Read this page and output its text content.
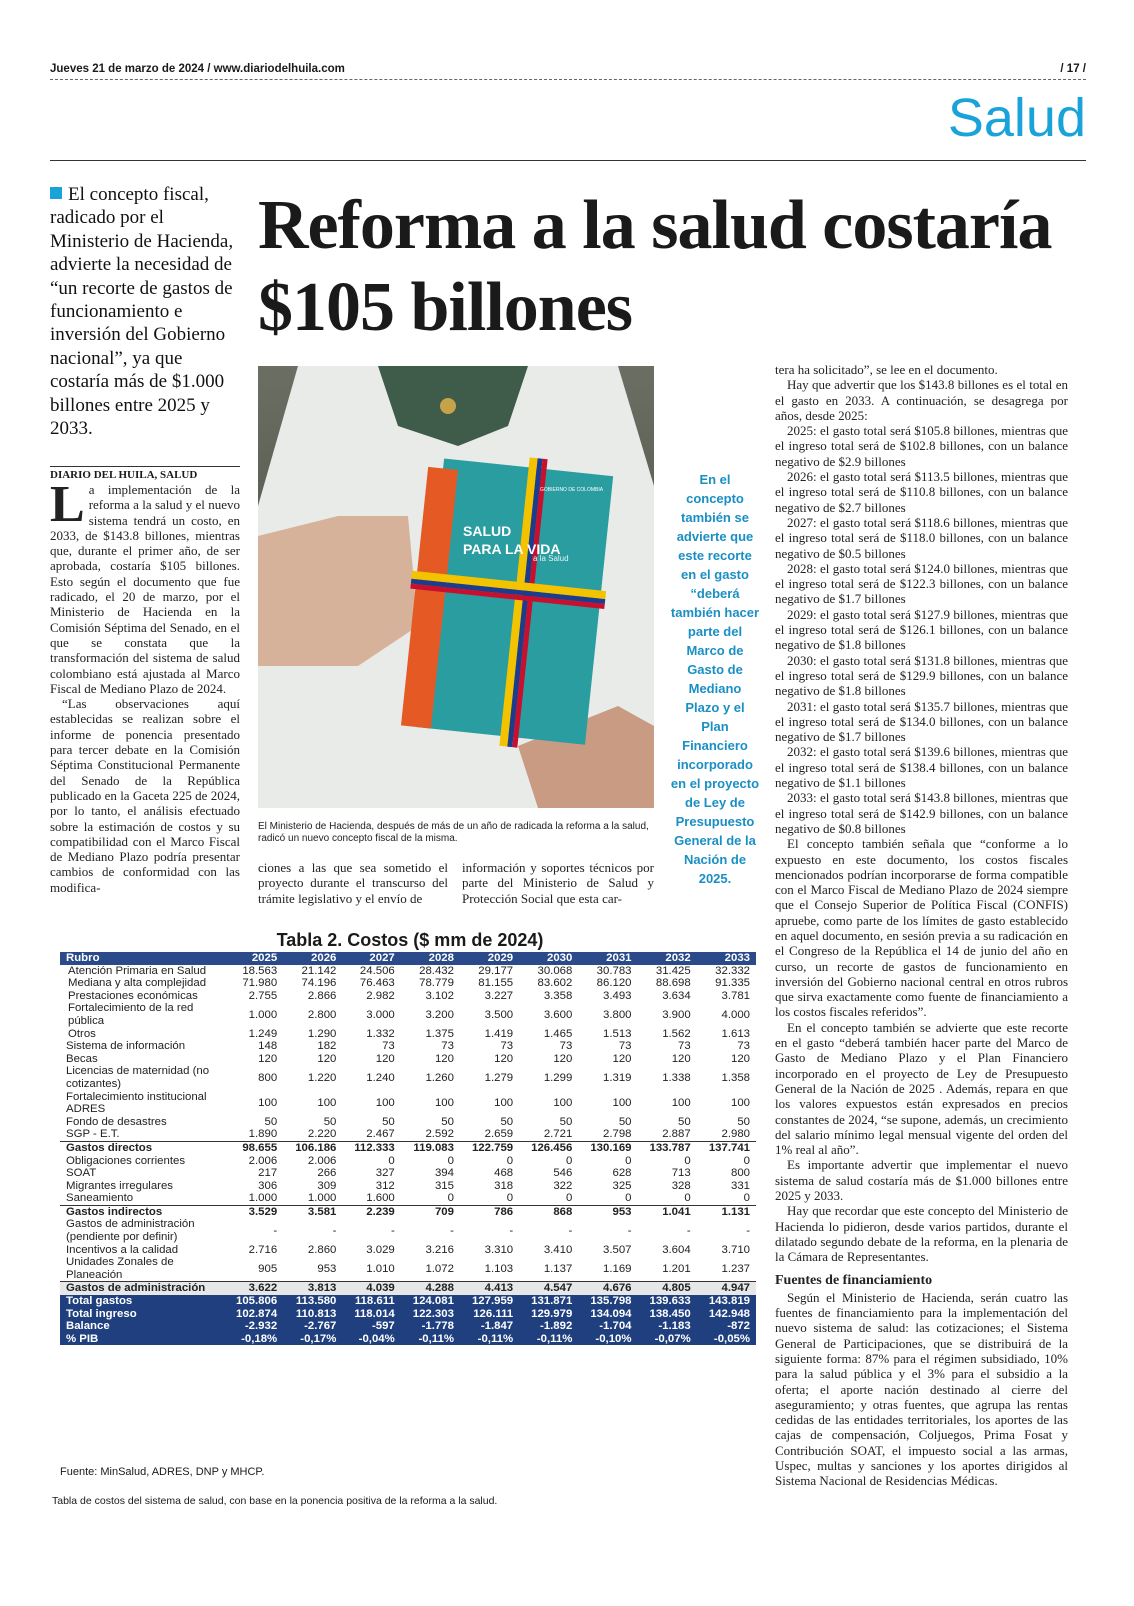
Jueves 21 de marzo de 2024 / www.diariodelhuila.com	/ 17 /
Salud
El concepto fiscal, radicado por el Ministerio de Hacienda, advierte la necesidad de “un recorte de gastos de funcionamiento e inversión del Gobierno nacional”, ya que costaría más de $1.000 billones entre 2025 y 2033.
Reforma a la salud costaría $105 billones
DIARIO DEL HUILA, SALUD
L a implementación de la reforma a la salud y el nuevo sistema tendrá un costo, en 2033, de $143.8 billones, mientras que, durante el primer año, de ser aprobada, costaría $105 billones. Esto según el documento que fue radicado, el 20 de marzo, por el Ministerio de Hacienda en la Comisión Séptima del Senado, en el que se constata que la transformación del sistema de salud colombiano está ajustada al Marco Fiscal de Mediano Plazo de 2024.

“Las observaciones aquí establecidas se realizan sobre el informe de ponencia presentado para tercer debate en la Comisión Séptima Constitucional Permanente del Senado de la República publicado en la Gaceta 225 de 2024, por lo tanto, el análisis efectuado sobre la estimación de costos y su compatibilidad con el Marco Fiscal de Mediano Plazo podría presentar cambios de conformidad con las modifica-

SALUD
PARA LA VIDA
a la Salud
GOBIERNO DE COLOMBIA
El Ministerio de Hacienda, después de más de un año de radicada la reforma a la salud, radicó un nuevo concepto fiscal de la misma.
En el concepto también se advierte que este recorte en el gasto “deberá también hacer parte del Marco de Gasto de Mediano Plazo y el Plan Financiero incorporado en el proyecto de Ley de Presupuesto General de la Nación de 2025.

ciones a las que sea sometido el proyecto durante el transcurso del trámite legislativo y el envío de

información y soportes técnicos por parte del Ministerio de Salud y Protección Social que esta car-

tera ha solicitado”, se lee en el documento.

Hay que advertir que los $143.8 billones es el total en el gasto en 2033. A continuación, se desagrega por años, desde 2025:

2025: el gasto total será $105.8 billones, mientras que el ingreso total será de $102.8 billones, con un balance negativo de $2.9 billones

2026: el gasto total será $113.5 billones, mientras que el ingreso total será de $110.8 billones, con un balance negativo de $2.7 billones

2027: el gasto total será $118.6 billones, mientras que el ingreso total será de $118.0 billones, con un balance negativo de $0.5 billones

2028: el gasto total será $124.0 billones, mientras que el ingreso total será de $122.3 billones, con un balance negativo de $1.7 billones

2029: el gasto total será $127.9 billones, mientras que el ingreso total será de $126.1 billones, con un balance negativo de $1.8 billones

2030: el gasto total será $131.8 billones, mientras que el ingreso total será de $129.9 billones, con un balance negativo de $1.8 billones

2031: el gasto total será $135.7 billones, mientras que el ingreso total será de $134.0 billones, con un balance negativo de $1.7 billones

2032: el gasto total será $139.6 billones, mientras que el ingreso total será de $138.4 billones, con un balance negativo de $1.1 billones

2033: el gasto total será $143.8 billones, mientras que el ingreso total será de $142.9 billones, con un balance negativo de $0.8 billones

El concepto también señala que “conforme a lo expuesto en este documento, los costos fiscales mencionados podrían incorporarse de forma compatible con el Marco Fiscal de Mediano Plazo de 2024 siempre que el Consejo Superior de Política Fiscal (CONFIS) apruebe, como parte de los límites de gasto establecido en aquel documento, en sesión previa a su radicación en el Congreso de la República el 14 de junio del año en curso, un recorte de gastos de funcionamiento en inversión del Gobierno nacional central en otros rubros que sirva exactamente como fuente de financiamiento a los costos fiscales referidos”.

En el concepto también se advierte que este recorte en el gasto “deberá también hacer parte del Marco de Gasto de Mediano Plazo y el Plan Financiero incorporado en el proyecto de Ley de Presupuesto General de la Nación de 2025 . Además, repara en que los valores expuestos están expresados en precios constantes de 2024, “se supone, además, un crecimiento del salario mínimo legal mensual vigente del orden del 1% real al año”.

Es importante advertir que implementar el nuevo sistema de salud costaría más de $1.000 billones entre 2025 y 2033.

Hay que recordar que este concepto del Ministerio de Hacienda lo pidieron, desde varios partidos, durante el dilatado segundo debate de la reforma, en la plenaria de la Cámara de Representantes.

Fuentes de financiamiento

Según el Ministerio de Hacienda, serán cuatro las fuentes de financiamiento para la implementación del nuevo sistema de salud: las cotizaciones; el Sistema General de Participaciones, que se distribuirá de la siguiente forma: 87% para el régimen subsidiado, 10% para la salud pública y el 3% para el subsidio a la oferta; el aporte nación destinado al cierre del aseguramiento; y otras fuentes, que agrupa las rentas cedidas de las entidades territoriales, los aportes de las cajas de compensación, Coljuegos, Prima Fosat y Contribución SOAT, el impuesto social a las armas, Uspec, multas y sanciones y los aportes dirigidos al Sistema Nacional de Residencias Médicas.

Tabla 2. Costos ($ mm de 2024)
Rubro	2025	2026	2027	2028	2029	2030	2031	2032	2033
Atención Primaria en Salud	18.563	21.142	24.506	28.432	29.177	30.068	30.783	31.425	32.332
Mediana y alta complejidad	71.980	74.196	76.463	78.779	81.155	83.602	86.120	88.698	91.335
Prestaciones económicas	2.755	2.866	2.982	3.102	3.227	3.358	3.493	3.634	3.781
Fortalecimiento de la red pública	1.000	2.800	3.000	3.200	3.500	3.600	3.800	3.900	4.000
Otros	1.249	1.290	1.332	1.375	1.419	1.465	1.513	1.562	1.613
Sistema de información	148	182	73	73	73	73	73	73	73
Becas	120	120	120	120	120	120	120	120	120
Licencias de maternidad (no cotizantes)	800	1.220	1.240	1.260	1.279	1.299	1.319	1.338	1.358
Fortalecimiento institucional ADRES	100	100	100	100	100	100	100	100	100
Fondo de desastres	50	50	50	50	50	50	50	50	50
SGP - E.T.	1.890	2.220	2.467	2.592	2.659	2.721	2.798	2.887	2.980
Gastos directos	98.655	106.186	112.333	119.083	122.759	126.456	130.169	133.787	137.741
Obligaciones corrientes	2.006	2.006	0	0	0	0	0	0	0
SOAT	217	266	327	394	468	546	628	713	800
Migrantes irregulares	306	309	312	315	318	322	325	328	331
Saneamiento	1.000	1.000	1.600	0	0	0	0	0	0
Gastos indirectos	3.529	3.581	2.239	709	786	868	953	1.041	1.131
Gastos de administración (pendiente por definir)	-	-	-	-	-	-	-	-	-
Incentivos a la calidad	2.716	2.860	3.029	3.216	3.310	3.410	3.507	3.604	3.710
Unidades Zonales de Planeación	905	953	1.010	1.072	1.103	1.137	1.169	1.201	1.237
Gastos de administración	3.622	3.813	4.039	4.288	4.413	4.547	4.676	4.805	4.947
Total gastos	105.806	113.580	118.611	124.081	127.959	131.871	135.798	139.633	143.819
Total ingreso	102.874	110.813	118.014	122.303	126.111	129.979	134.094	138.450	142.948
Balance	-2.932	-2.767	-597	-1.778	-1.847	-1.892	-1.704	-1.183	-872
% PIB	-0,18%	-0,17%	-0,04%	-0,11%	-0,11%	-0,11%	-0,10%	-0,07%	-0,05%
Fuente: MinSalud, ADRES, DNP y MHCP.
Tabla de costos del sistema de salud, con base en la ponencia positiva de la reforma a la salud.
